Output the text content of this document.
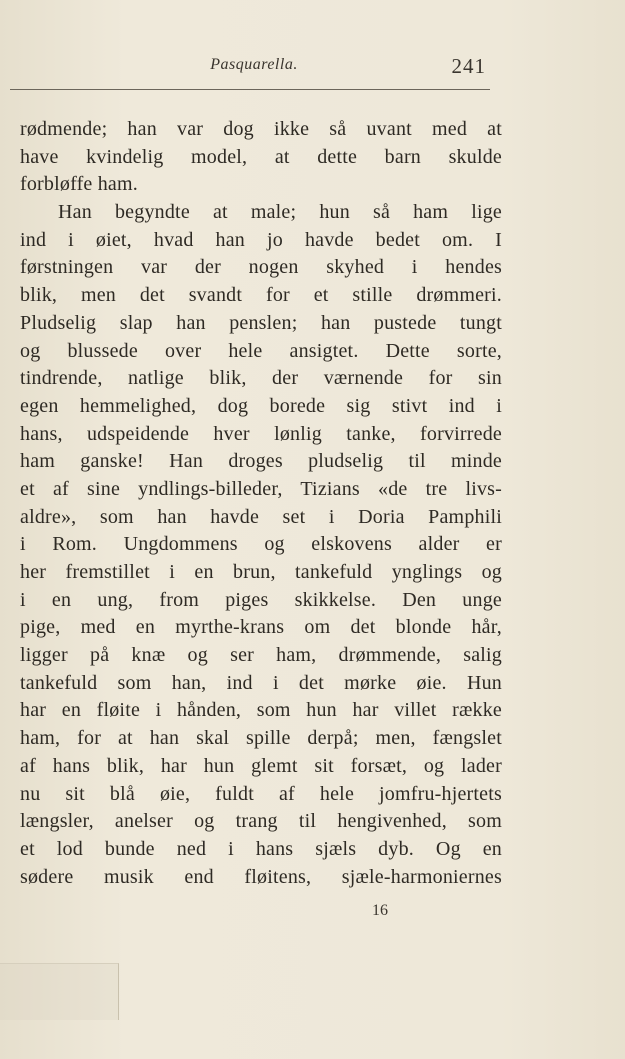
Pasquarella.	241
rødmende; han var dog ikke så uvant med at
have kvindelig model, at dette barn skulde
forbløffe ham.
Han begyndte at male; hun så ham lige
ind i øiet, hvad han jo havde bedet om. I
førstningen var der nogen skyhed i hendes
blik, men det svandt for et stille drømmeri.
Pludselig slap han penslen; han pustede tungt
og blussede over hele ansigtet. Dette sorte,
tindrende, natlige blik, der værnende for sin
egen hemmelighed, dog borede sig stivt ind i
hans, udspeidende hver lønlig tanke, forvirrede
ham ganske! Han droges pludselig til minde
et af sine yndlings-billeder, Tizians «de tre livs-
aldre», som han havde set i Doria Pamphili
i Rom. Ungdommens og elskovens alder er
her fremstillet i en brun, tankefuld ynglings og
i en ung, from piges skikkelse. Den unge
pige, med en myrthe-krans om det blonde hår,
ligger på knæ og ser ham, drømmende, salig
tankefuld som han, ind i det mørke øie. Hun
har en fløite i hånden, som hun har villet række
ham, for at han skal spille derpå; men, fængslet
af hans blik, har hun glemt sit forsæt, og lader
nu sit blå øie, fuldt af hele jomfru-hjertets
længsler, anelser og trang til hengivenhed, som
et lod bunde ned i hans sjæls dyb. Og en
sødere musik end fløitens, sjæle-harmoniernes
16
